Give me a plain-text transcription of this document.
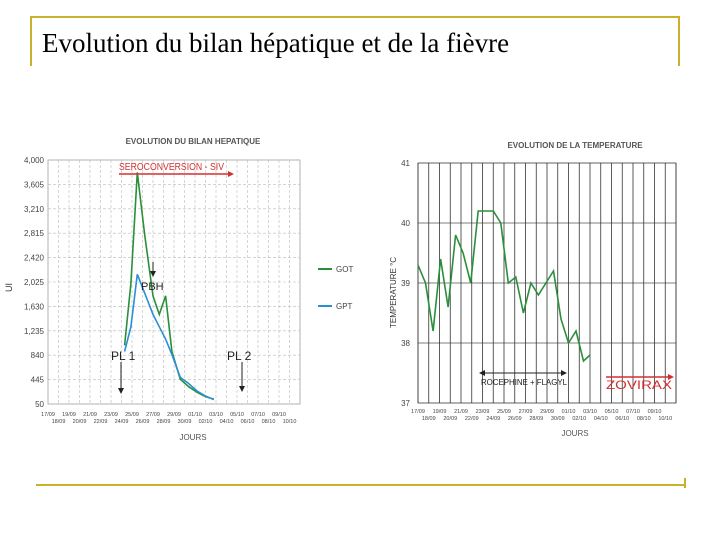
Evolution du bilan hépatique et de la fièvre
4,000
3,605
3,210
2,815
2,420
2,025
1,630
1,235
840
445
50
17/09 19/09 21/09 23/09 25/09 27/09 29/09 01/10 03/10 05/10 07/10 09/10
18/09 20/09 22/09 24/09 26/09 28/09 30/09 02/10 04/10 06/10 08/10 10/10
EVOLUTION DU BILAN HEPATIQUE
UI
JOURS
SEROCONVERSION - SIV
PBH
PL 1	PL 2
GOT
GPT
41
40
39
38
37
17/09 19/09 21/09 23/09 25/09 27/09 29/09 01/10 03/10 05/10 07/10 09/10
18/09 20/09 22/09 24/09 26/09 28/09 30/09 02/10 04/10 06/10 08/10 10/10
EVOLUTION DE LA TEMPERATURE
TEMPERATURE °C
JOURS
ROCEPHINE + FLAGYL	ZOVIRAX
